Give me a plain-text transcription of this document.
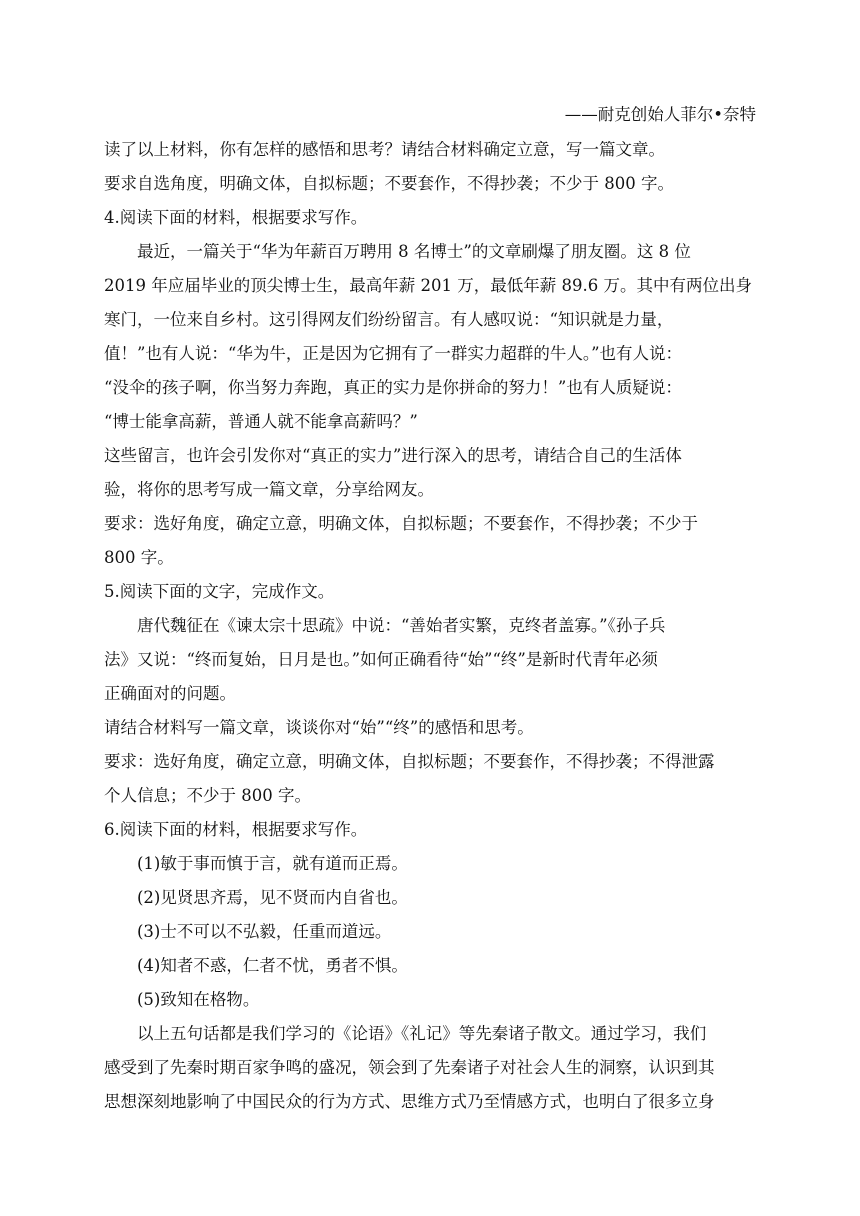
——耐克创始人菲尔•奈特
读了以上材料，你有怎样的感悟和思考？请结合材料确定立意，写一篇文章。
要求自选角度，明确文体，自拟标题；不要套作，不得抄袭；不少于 800 字。
4.阅读下面的材料，根据要求写作。
最近，一篇关于“华为年薪百万聘用 8 名博士”的文章刷爆了朋友圈。这 8 位
2019 年应届毕业的顶尖博士生，最高年薪 201 万，最低年薪 89.6 万。其中有两位出身
寒门，一位来自乡村。这引得网友们纷纷留言。有人感叹说：“知识就是力量，
值！”也有人说：“华为牛，正是因为它拥有了一群实力超群的牛人。”也有人说：
“没伞的孩子啊，你当努力奔跑，真正的实力是你拼命的努力！”也有人质疑说：
“博士能拿高薪，普通人就不能拿高薪吗？”
这些留言，也许会引发你对“真正的实力”进行深入的思考，请结合自己的生活体
验，将你的思考写成一篇文章，分享给网友。
要求：选好角度，确定立意，明确文体，自拟标题；不要套作，不得抄袭；不少于
800 字。
5.阅读下面的文字，完成作文。
唐代魏征在《谏太宗十思疏》中说：“善始者实繁，克终者盖寡。”《孙子兵
法》又说：“终而复始，日月是也。”如何正确看待“始”“终”是新时代青年必须
正确面对的问题。
请结合材料写一篇文章，谈谈你对“始”“终”的感悟和思考。
要求：选好角度，确定立意，明确文体，自拟标题；不要套作，不得抄袭；不得泄露
个人信息；不少于 800 字。
6.阅读下面的材料，根据要求写作。
(1)敏于事而慎于言，就有道而正焉。
(2)见贤思齐焉，见不贤而内自省也。
(3)士不可以不弘毅，任重而道远。
(4)知者不惑，仁者不忧，勇者不惧。
(5)致知在格物。
以上五句话都是我们学习的《论语》《礼记》等先秦诸子散文。通过学习，我们
感受到了先秦时期百家争鸣的盛况，领会到了先秦诸子对社会人生的洞察，认识到其
思想深刻地影响了中国民众的行为方式、思维方式乃至情感方式，也明白了很多立身
